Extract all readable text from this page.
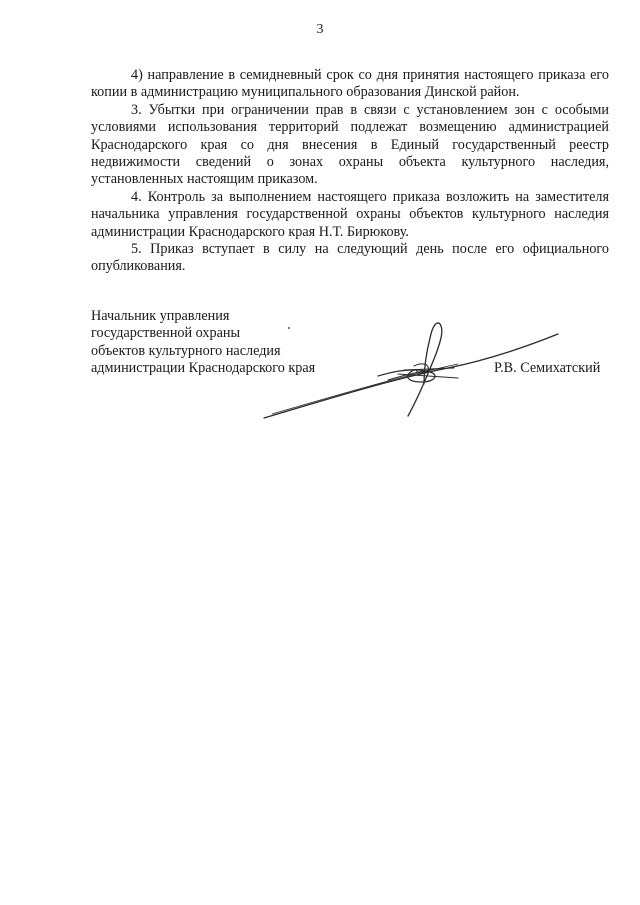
3

4) направление в семидневный срок со дня принятия настоящего приказа его копии в администрацию муниципального образования Динской район.

3. Убытки при ограничении прав в связи с установлением зон с особыми условиями использования территорий подлежат возмещению администрацией Краснодарского края со дня внесения в Единый государственный реестр недвижимости сведений о зонах охраны объекта культурного наследия, установленных настоящим приказом.

4. Контроль за выполнением настоящего приказа возложить на заместителя начальника управления государственной охраны объектов культурного наследия администрации Краснодарского края Н.Т. Бирюкову.

5. Приказ вступает в силу на следующий день после его официального опубликования.

Начальник управления
государственной охраны
объектов культурного наследия
администрации Краснодарского края	Р.В. Семихатский
